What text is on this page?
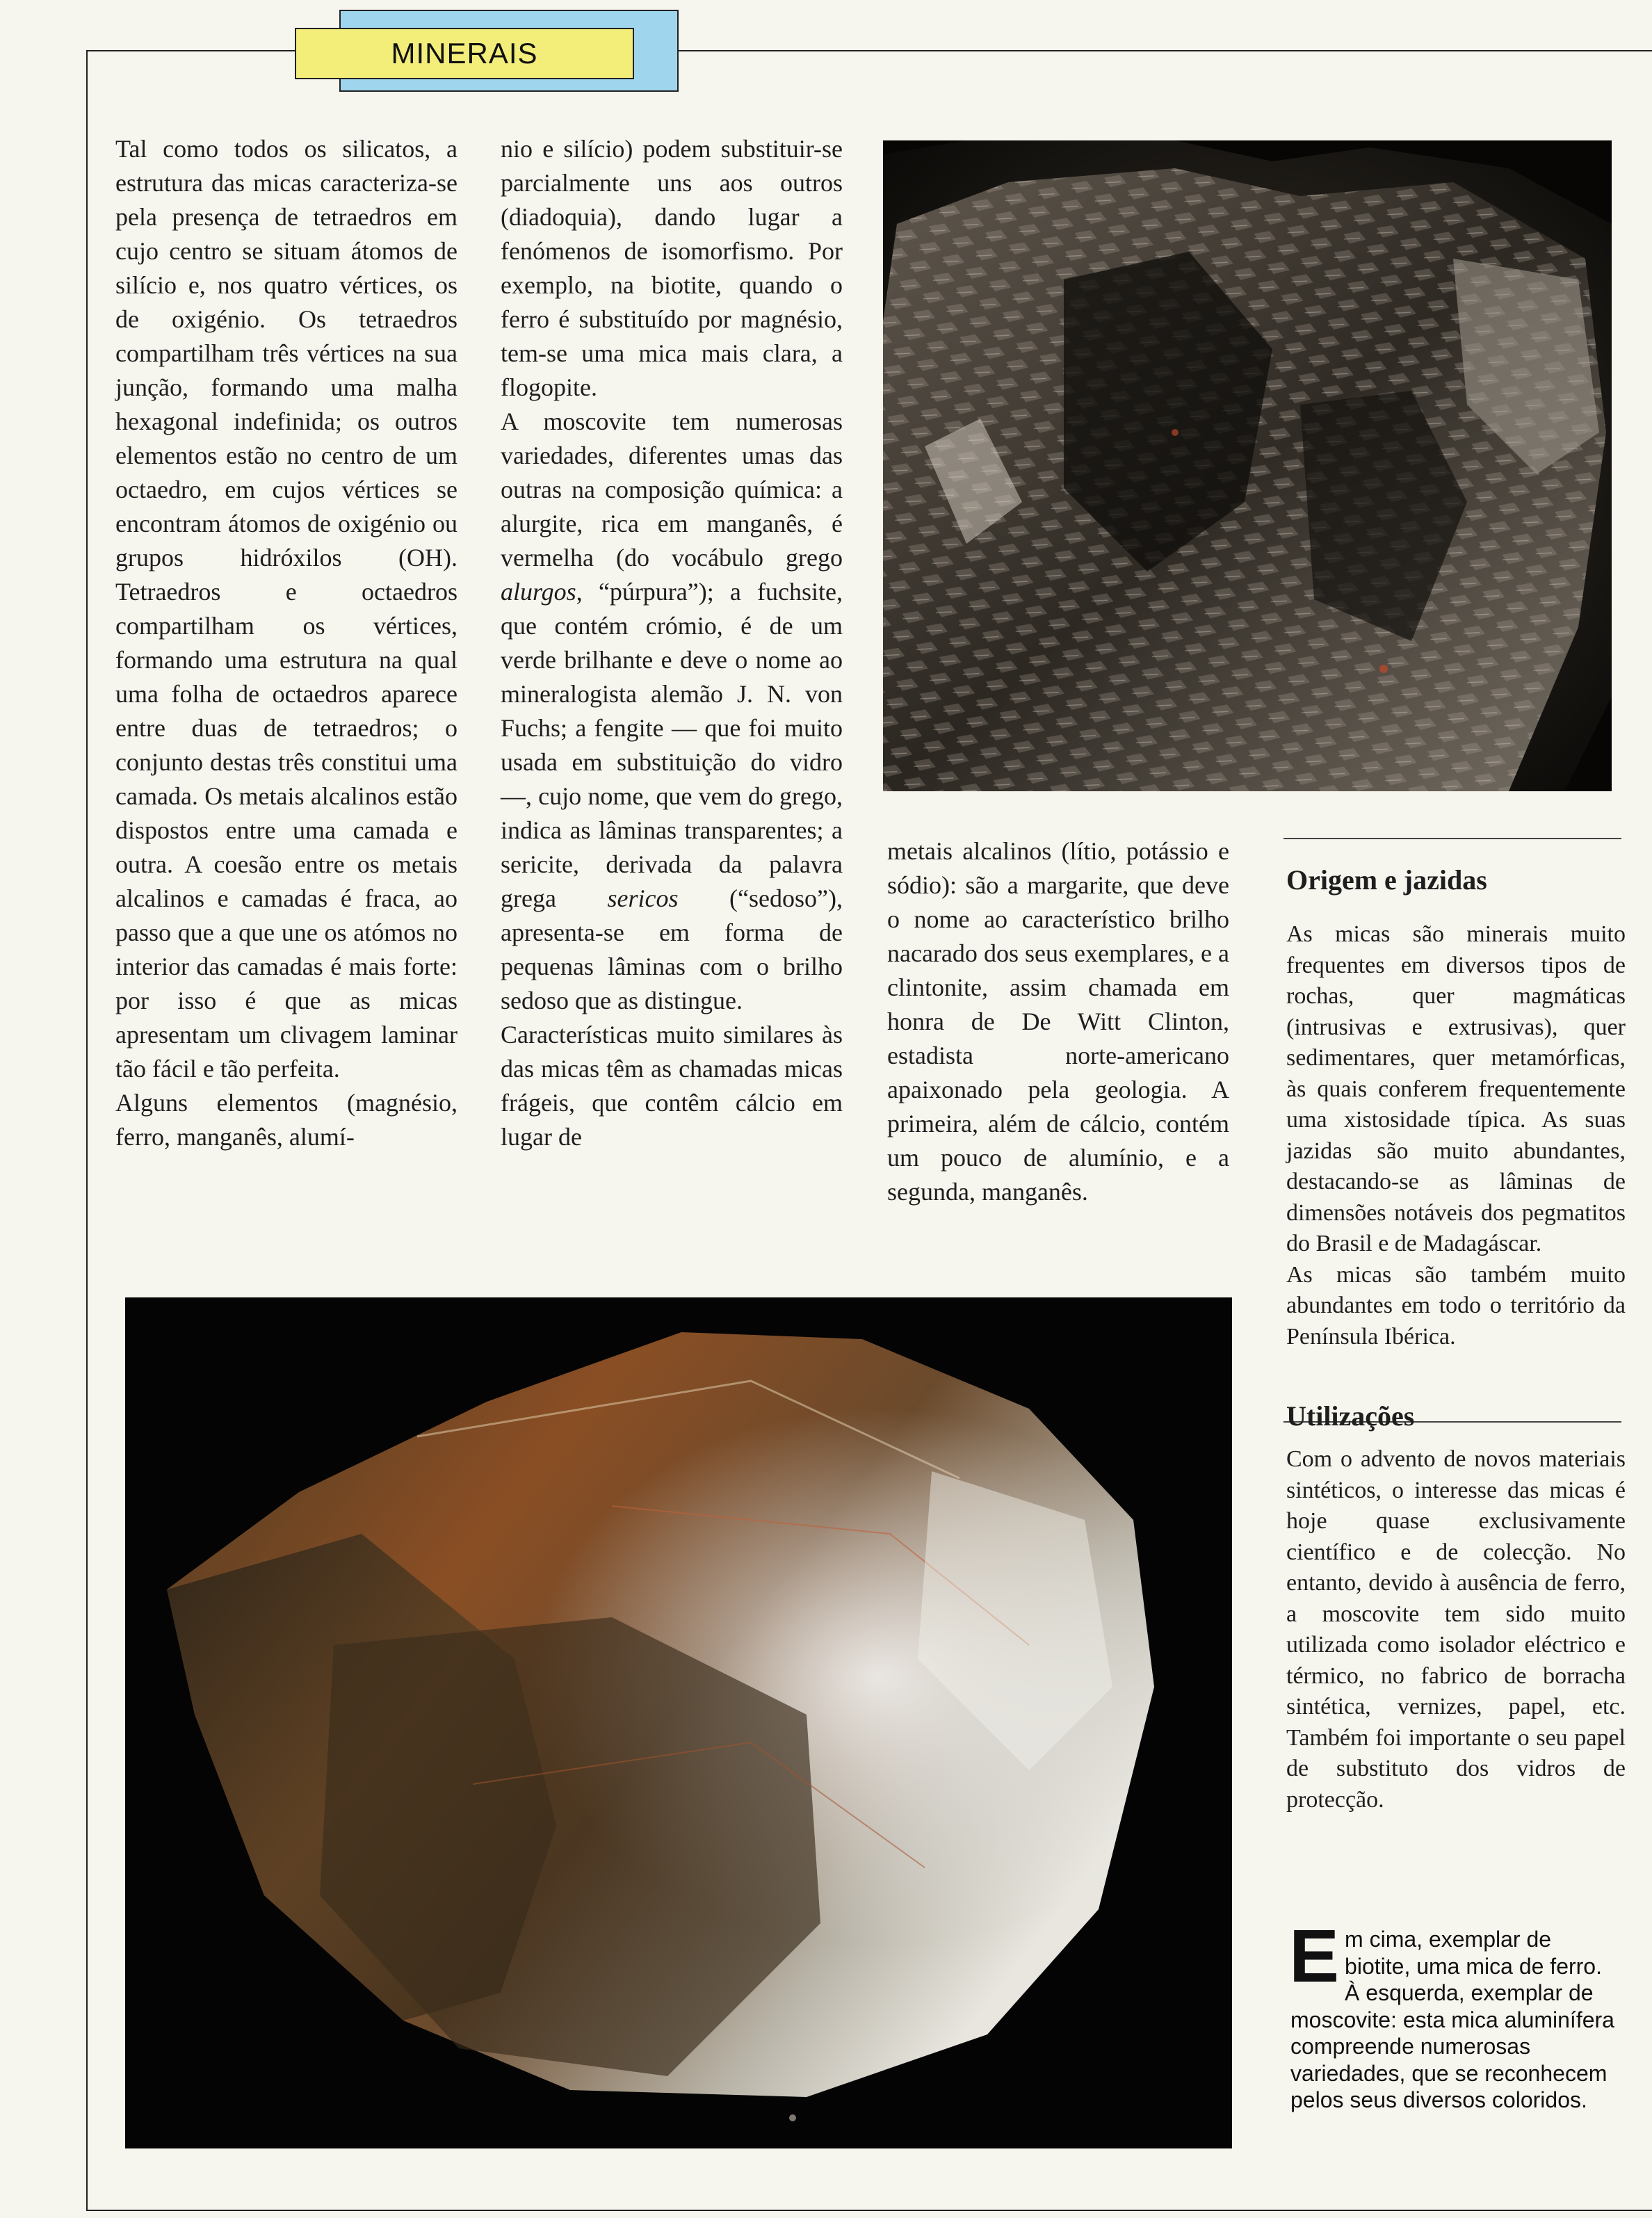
MINERAIS

Tal como todos os silicatos, a estrutura das micas caracteriza-se pela presença de tetraedros em cujo centro se situam átomos de silício e, nos quatro vértices, os de oxigénio. Os tetraedros compartilham três vértices na sua junção, formando uma malha hexagonal indefinida; os outros elementos estão no centro de um octaedro, em cujos vértices se encontram átomos de oxigénio ou grupos hidróxilos (OH). Tetraedros e octaedros compartilham os vértices, formando uma estrutura na qual uma folha de octaedros aparece entre duas de tetraedros; o conjunto destas três constitui uma camada. Os metais alcalinos estão dispostos entre uma camada e outra. A coesão entre os metais alcalinos e camadas é fraca, ao passo que a que une os atómos no interior das camadas é mais forte: por isso é que as micas apresentam um clivagem laminar tão fácil e tão perfeita.

Alguns elementos (magnésio, ferro, manganês, alumí-

nio e silício) podem substituir-se parcialmente uns aos outros (diadoquia), dando lugar a fenómenos de isomorfismo. Por exemplo, na biotite, quando o ferro é substituído por magnésio, tem-se uma mica mais clara, a flogopite.

A moscovite tem numerosas variedades, diferentes umas das outras na composição química: a alurgite, rica em manganês, é vermelha (do vocábulo grego alurgos, “púrpura”); a fuchsite, que contém crómio, é de um verde brilhante e deve o nome ao mineralogista alemão J. N. von Fuchs; a fengite — que foi muito usada em substituição do vidro —, cujo nome, que vem do grego, indica as lâminas transparentes; a sericite, derivada da palavra grega sericos (“sedoso”), apresenta-se em forma de pequenas lâminas com o brilho sedoso que as distingue.

Características muito similares às das micas têm as chamadas micas frágeis, que contêm cálcio em lugar de

metais alcalinos (lítio, potássio e sódio): são a margarite, que deve o nome ao característico brilho nacarado dos seus exemplares, e a clintonite, assim chamada em honra de De Witt Clinton, estadista norte-americano apaixonado pela geologia. A primeira, além de cálcio, contém um pouco de alumínio, e a segunda, manganês.

Origem e jazidas

As micas são minerais muito frequentes em diversos tipos de rochas, quer magmáticas (intrusivas e extrusivas), quer sedimentares, quer metamórficas, às quais conferem frequentemente uma xistosidade típica. As suas jazidas são muito abundantes, destacando-se as lâminas de dimensões notáveis dos pegmatitos do Brasil e de Madagáscar.

As micas são também muito abundantes em todo o território da Península Ibérica.

Utilizações

Com o advento de novos materiais sintéticos, o interesse das micas é hoje quase exclusivamente científico e de colecção. No entanto, devido à ausência de ferro, a moscovite tem sido muito utilizada como isolador eléctrico e térmico, no fabrico de borracha sintética, vernizes, papel, etc. Também foi importante o seu papel de substituto dos vidros de protecção.

Em cima, exemplar de biotite, uma mica de ferro. À esquerda, exemplar de moscovite: esta mica aluminífera compreende numerosas variedades, que se reconhecem pelos seus diversos coloridos.
